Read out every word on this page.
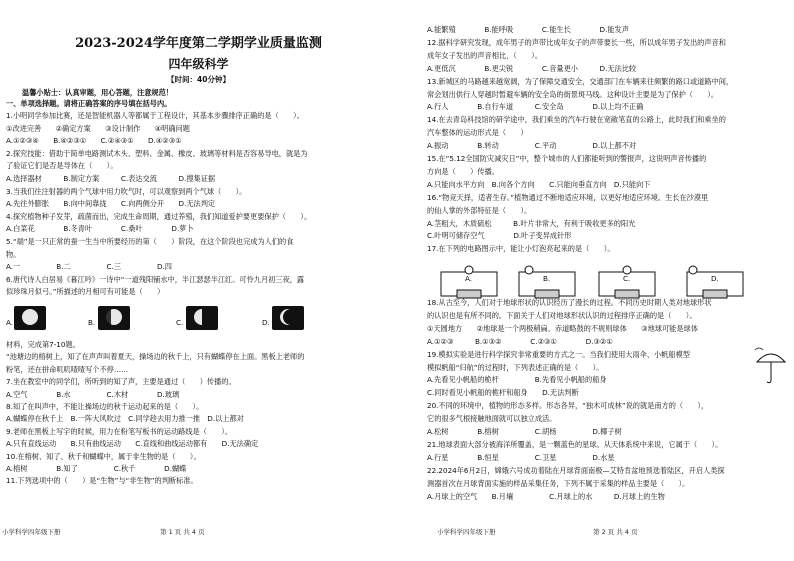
2023-2024学年度第二学期学业质量监测
四年级科学
【时间：40分钟】
温馨小贴士：认真审题，用心答题，注意规范！
一、单项选择题。请将正确答案的序号填在括号内。
1.小明同学参加比赛，还是智能机器人等都属于工程设计，其基本步骤排序正确的是（　　）。
①改进完善　　②确定方案　　③设计制作　　④明确问题
A.①②③④　　B.④②③①　　C.②④③①　　D.④②③①
2.探究技能：借助于简单电路测试木头、塑料、金属、橡皮、玻璃等材料是否容易导电，就是为
了验证它们是否是导体在（　　）。
A.选择器材　　　B.制定方案　　　C.表达交流　　　D.搜集证据
3.当我们往注射器的两个气球中用力吹气时，可以观察到两个气球（　　）。
A.先往外膨胀　　B.向中间靠拢　　C.向两侧分开　　D.无法判定
4.探究植物种子发芽，疏菌而出，完成生命周期，通过养殖，我们知道爱护要更要保护（　　）。
A.白菜花　　　　B.冬青叶　　　　C.桑叶　　　　D.萝卜
5.“端”是一只正常的蚕一生当中所要经历的第（　　）阶段，在这个阶段也完成为人们的食
物。
A.一　　　　　B.二　　　　　C.三　　　　　D.四
6.唐代诗人白居易《暮江吟》一诗中“一道残阳铺水中，半江瑟瑟半江红。可怜九月初三夜，露
似珍珠月似弓。”所描述的月相可有可能是（　　）
A.	B.	C.	D.
材料，完成第7-10题。
“池塘边的榕树上，知了在声声叫着夏天，操场边的秋千上，只有蝴蝶停在上面。黑板上老师的
粉笔，还在拼命叽叽喳喳写个不停……
7.坐在教室中的同学们，所听到的知了声，主要是通过（　　）传播的。
A.空气　　　　B.水　　　　　C.木材　　　　D.玻璃
8.知了在叫声中，不能让操场边的秋千运动起来的是（　　）。
A.蝴蝶停在秋千上　B.一阵大风吹过　C.同学趁去用力推一推　D.以上都对
9.老师在黑板上写字的时候，用力在粉笔写板书的运动路线是（　　）。
A.只有直线运动　　B.只有曲线运动　　C.直线和曲线运动都有　　D.无法确定
10.在榕树、知了、秋千和蝴蝶中，属于非生物的是（　　）。
A.榕树　　　　B.知了　　　　　C.秋千　　　　D.蝴蝶
11.下列选项中的（　　）是“生物”与“非生物”的判断标准。
小学科学四年级下册	第 1 页 共 4 页
A.能繁殖　　　　B.能呼吸　　　　C.能生长　　　　D.能发声
12.据科学研究发现，成年男子的声带比成年女子的声带要长一些，所以成年男子发出的声音和
成年女子发出的声音相比，（　　）。
A.更低沉　　　　B.更尖锐　　　　C.音量更小　　　D.无法比较
13.新城区的马路越来越宽阔，为了保障交通安全，交通部门在车辆来往频繁的路口或道路中间，
常会划出供行人穿越时暂避车辆的安全岛的街景斑马线。这种设计主要是为了保护（　　）。
A.行人　　　　B.自行车道　　　C.安全岛　　　　D.以上均不正确
14.在去青岛科技馆的研学途中，我们乘坐的汽车行驶在宽敞笔直的公路上，此时我们和乘坐的
汽车整体的运动形式是（　　）
A.振动　　　　B.转动　　　　　C.平动　　　　　D.以上都不对
15.在“5.12全国防灾减灾日”中，整个城市的人们都能听到的警报声，这说明声音传播的
方向是（　　）传播。
A.只能向水平方向　B.向各个方向　　C.只能向垂直方向　D.只能向下
16.“物竞天择，适者生存。”植物通过不断地适应环境，以更好地适应环境。生长在沙漠里
的仙人掌的外部特征是（　　）。
A.茎粗大，木质硫松　　　B.叶片非常大，有利于吸收更多的阳光
C.叶明可储存空气　　　　D.叶子变异成针形
17.在下列的电路图示中，能让小灯泡亮起来的是（　　）。
A.	B.	C.	D.
18.从古至今，人们对于地球形状的认识经历了漫长的过程。不同历史时期人类对地球形状
的认识也是有所不同的。下面关于人们对地球形状认识的过程排序正确的是（　　）。
①天圆地方　　②地球是一个两极稍扁、赤道略鼓的不规则球体　　③地球可能是球体
A.①②③　　　B.①③②　　　　C.②③①　　　　D.③②①
19.模拟实验是进行科学探究非常重要的方式之一。当我们使用大雨伞、小帆船模型
模拟帆船“归航”的过程时，下列表述正确的是（　　）。
A.先看见小帆船的桅杆　　　　　B.先看见小帆船的船身
C.同时看见小帆船的桅杆和船身　　D.无法判断
20.不同的环境中，植物的形态多样。形态各异，“独木可成林”说的就是南方的（　　），
它的很多气根接触地面就可以独立成活。
A.松树　　　　B.榕树　　　　　C.胡杨　　　　　D.椰子树
21.地球表面大部分被海洋所覆盖，是一颗蓝色的星球。从天体系统中来说，它属于（　　）。
A.行星　　　　B.恒星　　　　　C.卫星　　　　　D.水星
22.2024年6月2日，嫦娥六号成功着陆在月球背面南极—艾特肯盆地预选着陆区，开启人类探
测器首次在月球背面实施的样品采集任务，下列不属于采集的样品主要是（　　）。
A.月球上的空气　　B.月壤　　　　　C.月球上的水　　　D.月球上的生物
小学科学四年级下册	第 2 页 共 4 页
